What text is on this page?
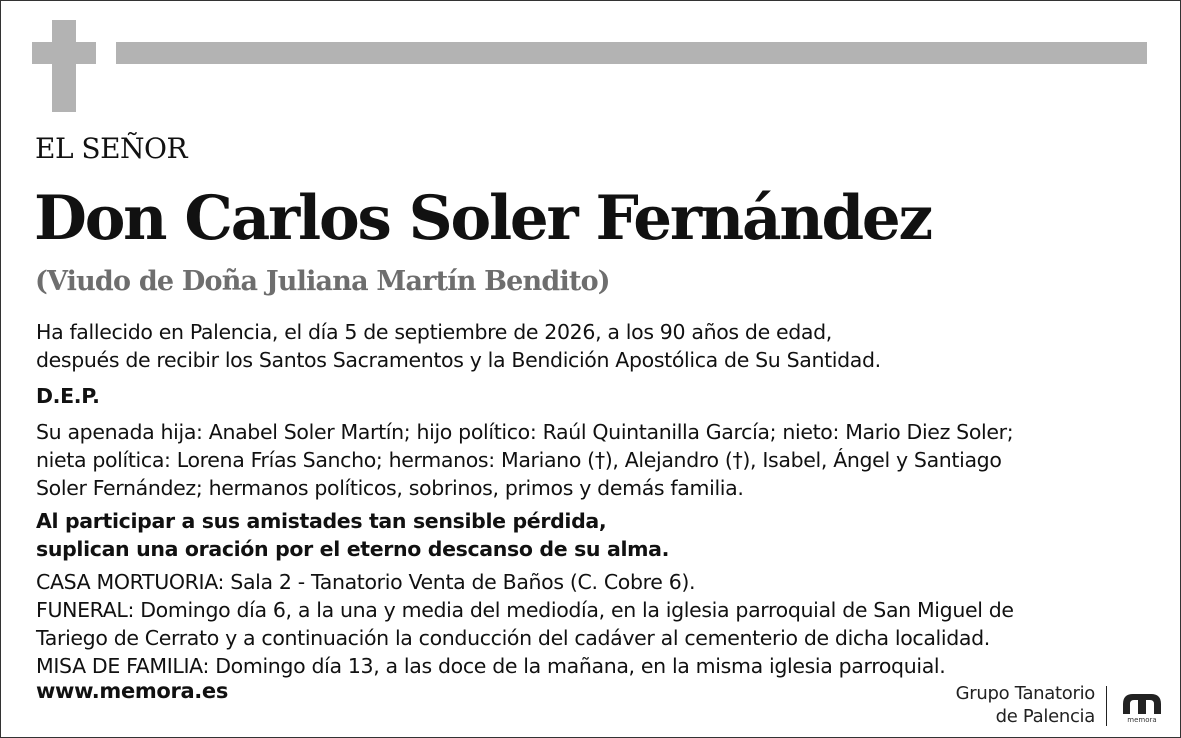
EL SEÑOR
Don Carlos Soler Fernández
(Viudo de Doña Juliana Martín Bendito)
Ha fallecido en Palencia, el día 5 de septiembre de 2026, a los 90 años de edad,
después de recibir los Santos Sacramentos y la Bendición Apostólica de Su Santidad.
D.E.P.
Su apenada hija: Anabel Soler Martín; hijo político: Raúl Quintanilla García; nieto: Mario Diez Soler;
nieta política: Lorena Frías Sancho; hermanos: Mariano (†), Alejandro (†), Isabel, Ángel y Santiago
Soler Fernández; hermanos políticos, sobrinos, primos y demás familia.
Al participar a sus amistades tan sensible pérdida,
suplican una oración por el eterno descanso de su alma.
CASA MORTUORIA: Sala 2 - Tanatorio Venta de Baños (C. Cobre 6).
FUNERAL: Domingo día 6, a la una y media del mediodía, en la iglesia parroquial de San Miguel de
Tariego de Cerrato y a continuación la conducción del cadáver al cementerio de dicha localidad.
MISA DE FAMILIA: Domingo día 13, a las doce de la mañana, en la misma iglesia parroquial.
www.memora.es	Grupo Tanatorio
de Palencia	memora
